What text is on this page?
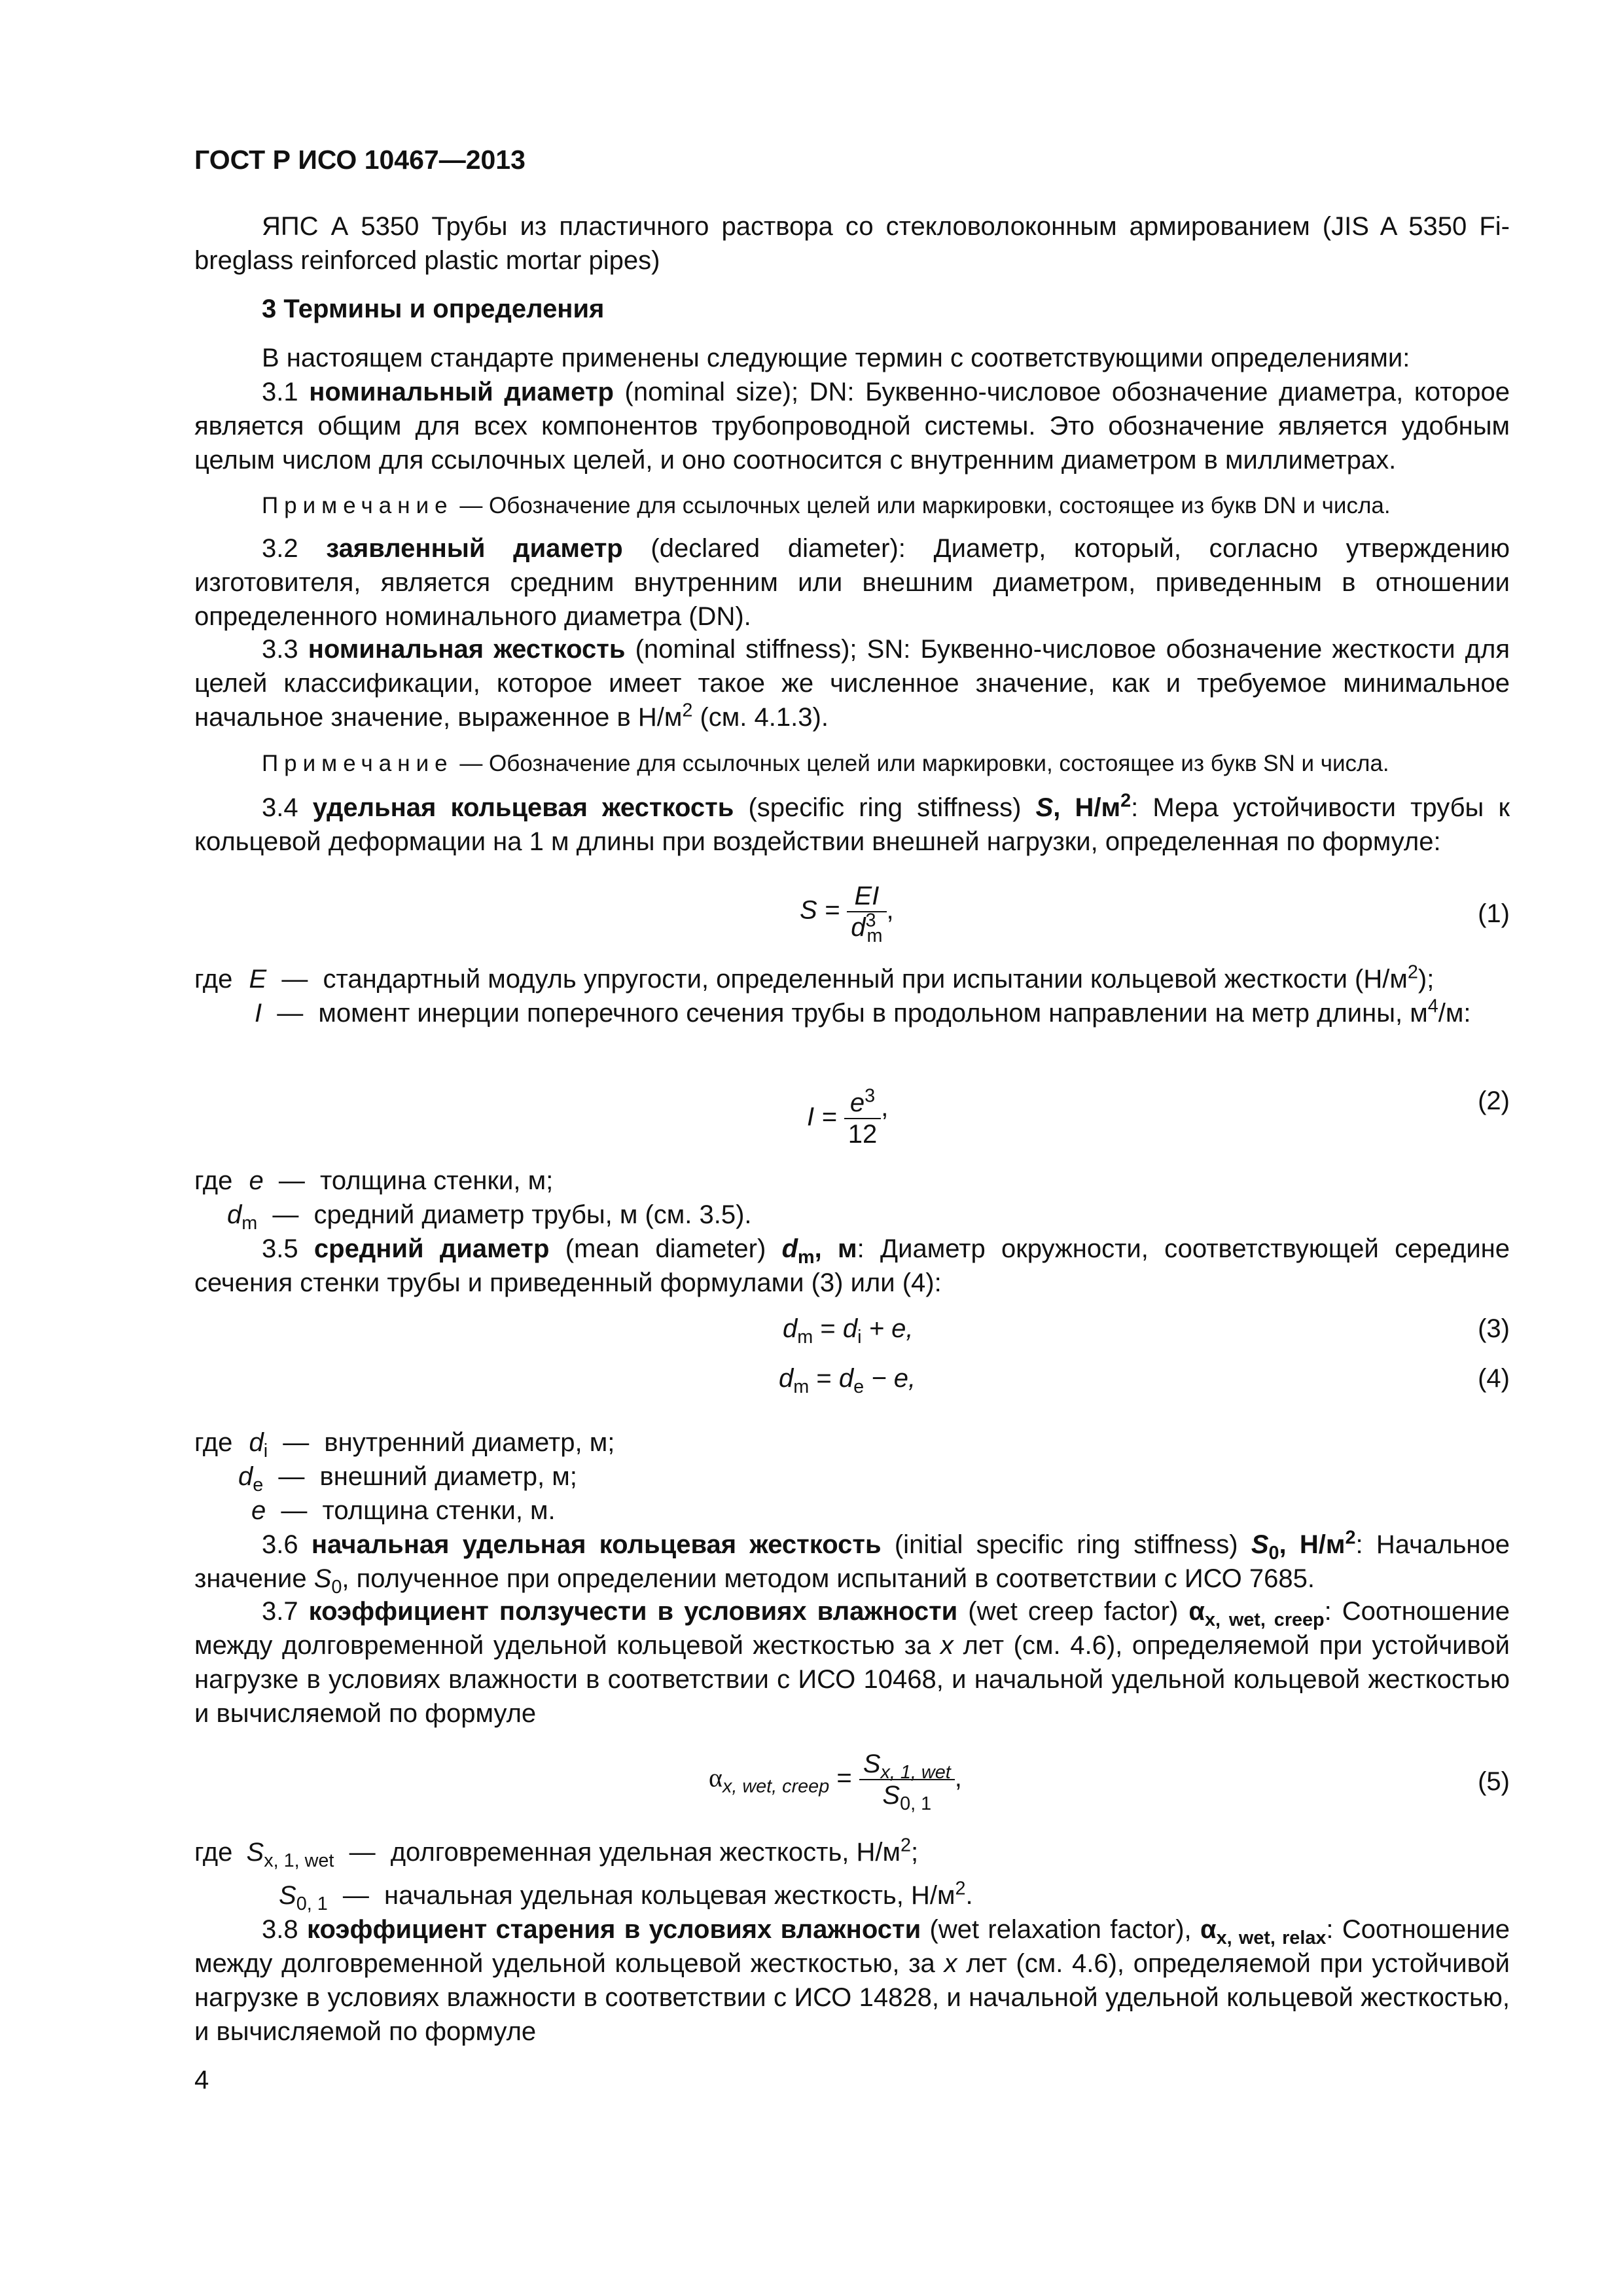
ГОСТ Р ИСО 10467—2013
ЯПС А 5350 Трубы из пластичного раствора со стекловолоконным армированием (JIS A 5350 Fi-
breglass reinforced plastic mortar pipes)
3 Термины и определения
В настоящем стандарте применены следующие термин с соответствующими определениями:
3.1 номинальный диаметр (nominal size); DN: Буквенно-числовое обозначение диаметра, которое является общим для всех компонентов трубопроводной системы. Это обозначение является удобным целым числом для ссылочных целей, и оно соотносится с внутренним диаметром в миллиметрах.
Примечание — Обозначение для ссылочных целей или маркировки, состоящее из букв DN и числа.
3.2 заявленный диаметр (declared diameter): Диаметр, который, согласно утверждению изготовителя, является средним внутренним или внешним диаметром, приведенным в отношении определенного номинального диаметра (DN).
3.3 номинальная жесткость (nominal stiffness); SN: Буквенно-числовое обозначение жесткости для целей классификации, которое имеет такое же численное значение, как и требуемое минимальное начальное значение, выраженное в $Н/м^2$ (см. 4.1.3).
Примечание — Обозначение для ссылочных целей или маркировки, состоящее из букв SN и числа.
3.4 удельная кольцевая жесткость (specific ring stiffness) S, $Н/м^2$: Мера устойчивости трубы к кольцевой деформации на 1 м длины при воздействии внешней нагрузки, определенная по формуле:
$S = \frac{EI}{d^3_m}$ ,	(1)
где E — стандартный модуль упругости, определенный при испытании кольцевой жесткости $(Н/м^2)$;
I — момент инерции поперечного сечения трубы в продольном направлении на метр длины, $м^4/м$:
$I = \frac{e^3}{12}$ ,	(2)
где e — толщина стенки, м;
$d_m$ — средний диаметр трубы, м (см. 3.5).
3.5 средний диаметр (mean diameter) $d_m$, м: Диаметр окружности, соответствующей середине сечения стенки трубы и приведенный формулами (3) или (4):
$d_m = d_i + e$,	(3)
$d_m = d_e - e$,	(4)
где $d_i$ — внутренний диаметр, м;
$d_e$ — внешний диаметр, м;
e — толщина стенки, м.
3.6 начальная удельная кольцевая жесткость (initial specific ring stiffness) $S_0$, $Н/м^2$: Начальное значение $S_0$, полученное при определении методом испытаний в соответствии с ИСО 7685.
3.7 коэффициент ползучести в условиях влажности (wet creep factor) $\alpha_{x, wet, creep}$: Соотношение между долговременной удельной кольцевой жесткостью за x лет (см. 4.6), определяемой при устойчивой нагрузке в условиях влажности в соответствии с ИСО 10468, и начальной удельной кольцевой жесткостью и вычисляемой по формуле
$\alpha_{x, wet, creep} = \frac{S_{x, 1, wet}}{S_{0, 1}}$ ,	(5)
где $S_{x, 1, wet}$ — долговременная удельная жесткость, $Н/м^2$;
$S_{0, 1}$ — начальная удельная кольцевая жесткость, $Н/м^2$.
3.8 коэффициент старения в условиях влажности (wet relaxation factor), $\alpha_{x, wet, relax}$: Соотношение между долговременной удельной кольцевой жесткостью, за x лет (см. 4.6), определяемой при устойчивой нагрузке в условиях влажности в соответствии с ИСО 14828, и начальной удельной кольцевой жесткостью, и вычисляемой по формуле
4
